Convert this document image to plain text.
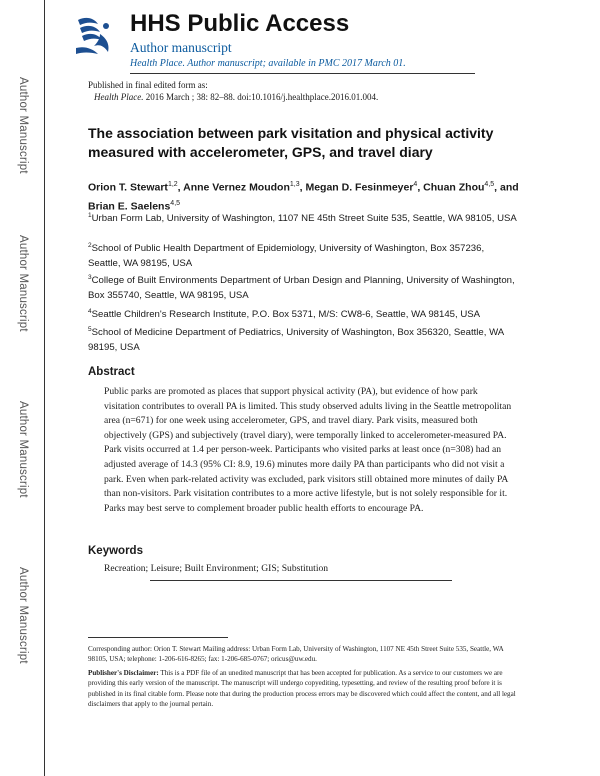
Author Manuscript
Author Manuscript
Author Manuscript
Author Manuscript
HHS Public Access
Author manuscript
Health Place. Author manuscript; available in PMC 2017 March 01.
Published in final edited form as:
Health Place. 2016 March ; 38: 82–88. doi:10.1016/j.healthplace.2016.01.004.
The association between park visitation and physical activity measured with accelerometer, GPS, and travel diary
Orion T. Stewart$^{1,2}$, Anne Vernez Moudon$^{1,3}$, Megan D. Fesinmeyer$^4$, Chuan Zhou$^{4,5}$, and
Brian E. Saelens$^{4,5}$
$^1$Urban Form Lab, University of Washington, 1107 NE 45th Street Suite 535, Seattle, WA 98105, USA
$^2$School of Public Health Department of Epidemiology, University of Washington, Box 357236, Seattle, WA 98195, USA
$^3$College of Built Environments Department of Urban Design and Planning, University of Washington, Box 355740, Seattle, WA 98195, USA
$^4$Seattle Children's Research Institute, P.O. Box 5371, M/S: CW8-6, Seattle, WA 98145, USA
$^5$School of Medicine Department of Pediatrics, University of Washington, Box 356320, Seattle, WA 98195, USA
Abstract
Public parks are promoted as places that support physical activity (PA), but evidence of how park visitation contributes to overall PA is limited. This study observed adults living in the Seattle metropolitan area (n=671) for one week using accelerometer, GPS, and travel diary. Park visits, measured both objectively (GPS) and subjectively (travel diary), were temporally linked to accelerometer-measured PA. Park visits occurred at 1.4 per person-week. Participants who visited parks at least once (n=308) had an adjusted average of 14.3 (95% CI: 8.9, 19.6) minutes more daily PA than participants who did not visit a park. Even when park-related activity was excluded, park visitors still obtained more minutes of daily PA than non-visitors. Park visitation contributes to a more active lifestyle, but is not solely responsible for it. Parks may best serve to complement broader public health efforts to encourage PA.
Keywords
Recreation; Leisure; Built Environment; GIS; Substitution
Corresponding author: Orion T. Stewart Mailing address: Urban Form Lab, University of Washington, 1107 NE 45th Street Suite 535, Seattle, WA 98105, USA; telephone: 1-206-616-8265; fax: 1-206-685-0767; oricus@uw.edu.
Publisher's Disclaimer: This is a PDF file of an unedited manuscript that has been accepted for publication. As a service to our customers we are providing this early version of the manuscript. The manuscript will undergo copyediting, typesetting, and review of the resulting proof before it is published in its final citable form. Please note that during the production process errors may be discovered which could affect the content, and all legal disclaimers that apply to the journal pertain.
